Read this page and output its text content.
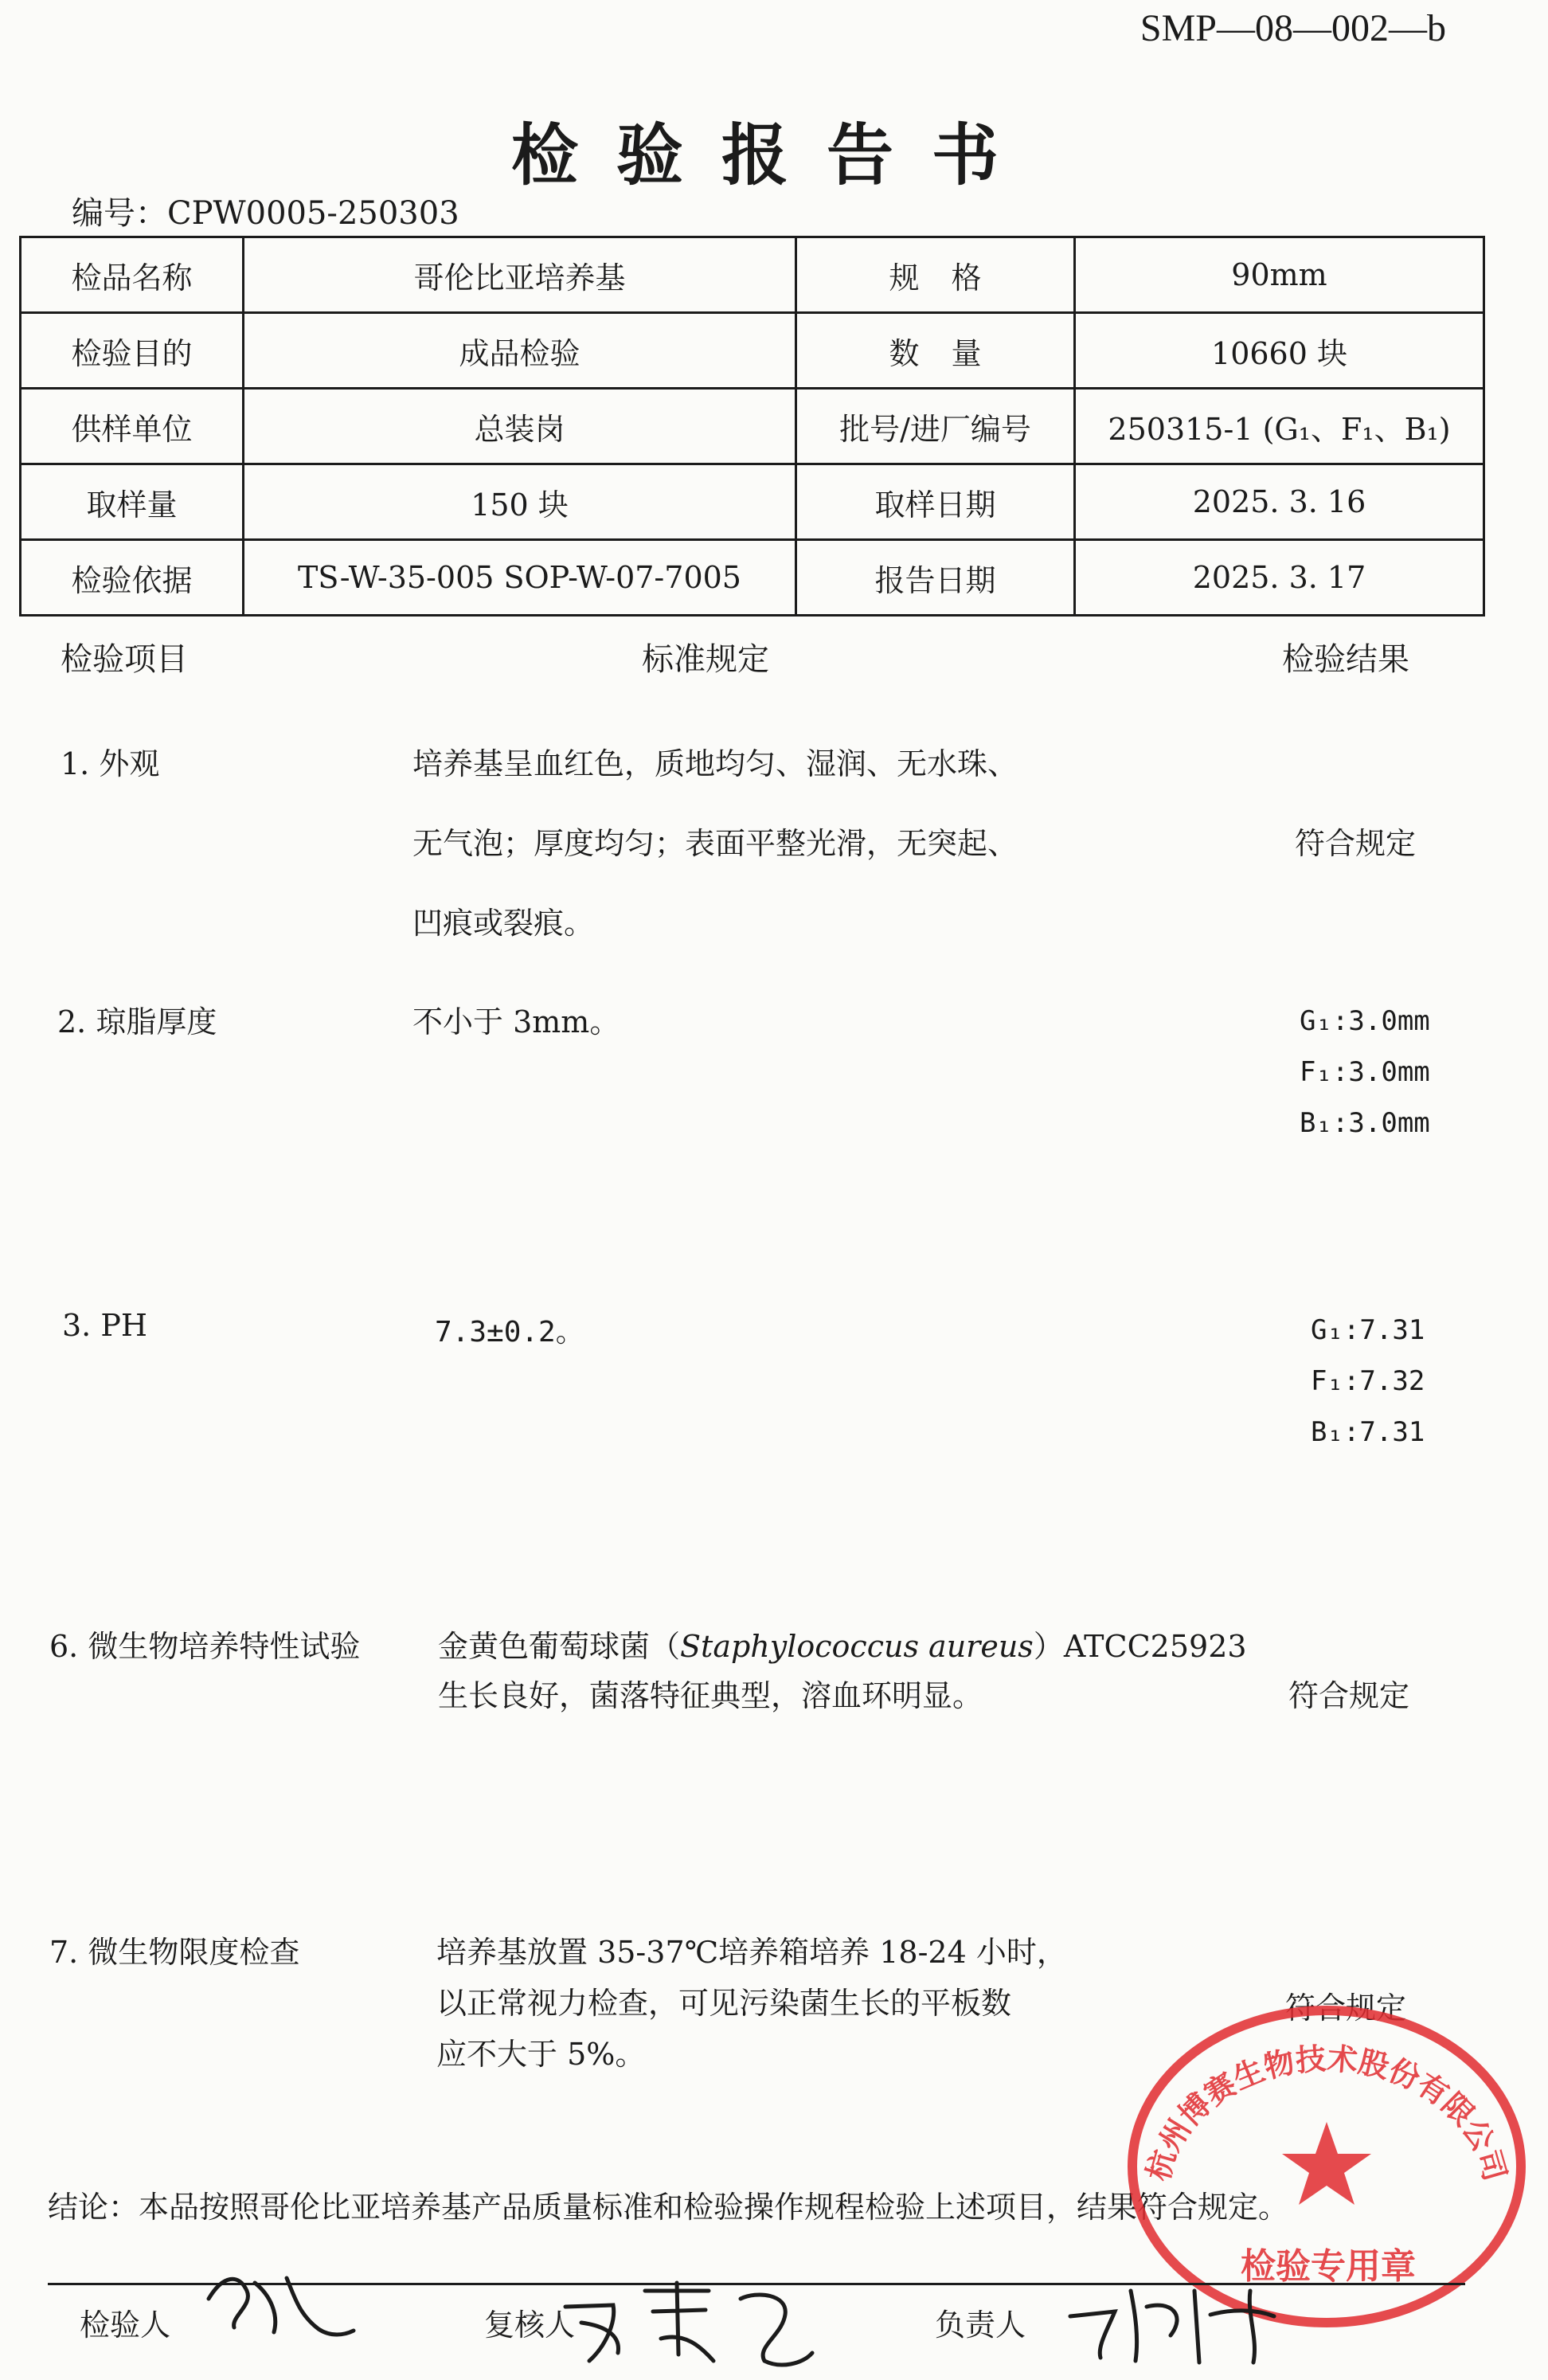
SMP—08—002—b
检验报告书
编号：CPW0005-250303
检品名称	哥伦比亚培养基	规格	90mm
检验目的	成品检验	数量	10660 块
供样单位	总装岗	批号/进厂编号	250315-1 (G₁、F₁、B₁)
取样量	150 块	取样日期	2025. 3. 16
检验依据	TS-W-35-005 SOP-W-07-7005	报告日期	2025. 3. 17
检验项目	标准规定	检验结果
1. 外观	培养基呈血红色，质地均匀、湿润、无水珠、
无气泡；厚度均匀；表面平整光滑，无突起、
凹痕或裂痕。
符合规定
2. 琼脂厚度	不小于 3mm。	G₁:3.0mm
F₁:3.0mm
B₁:3.0mm
3. PH	7.3±0.2。	G₁:7.31
F₁:7.32
B₁:7.31
6. 微生物培养特性试验	金黄色葡萄球菌（Staphylococcus aureus）ATCC25923
生长良好，菌落特征典型，溶血环明显。	符合规定
7. 微生物限度检查	培养基放置 35-37℃培养箱培养 18-24 小时，
以正常视力检查，可见污染菌生长的平板数
应不大于 5%。
符合规定
结论：本品按照哥伦比亚培养基产品质量标准和检验操作规程检验上述项目，结果符合规定。
杭州博赛生物技术股份有限公司
检验专用章
检验人	复核人	负责人
